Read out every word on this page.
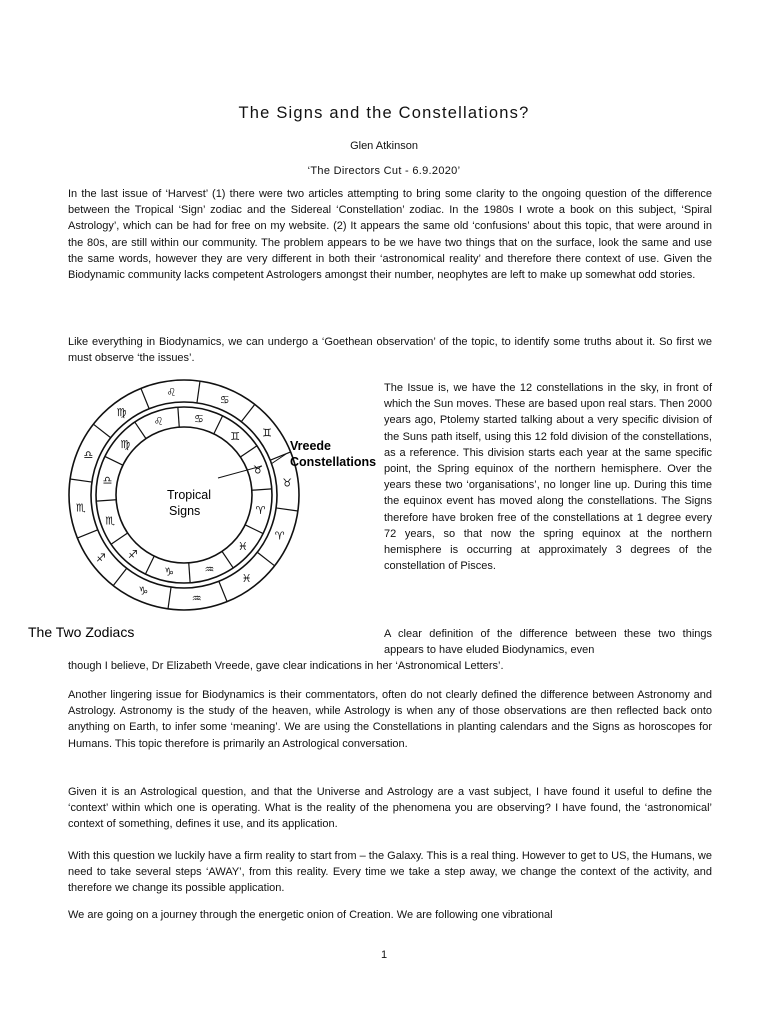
The Signs and the Constellations?
Glen Atkinson
‘The Directors Cut - 6.9.2020’

In the last issue of ‘Harvest’ (1) there were two articles attempting to bring some clarity to the ongoing question of the difference between the Tropical ‘Sign’ zodiac and the Sidereal ‘Constellation’ zodiac. In the 1980s I wrote a book on this subject, ‘Spiral Astrology’, which can be had for free on my website. (2) It appears the same old ‘confusions’ about this topic, that were around in the 80s, are still within our community. The problem appears to be we have two things that on the surface, look the same and use the same words, however they are very different in both their ‘astronomical reality’ and therefore there context of use. Given the Biodynamic community lacks competent Astrologers amongst their number, neophytes are left to make up somewhat odd stories.

Like everything in Biodynamics, we can undergo a ‘Goethean observation’ of the topic, to identify some truths about it. So first we must observe ‘the issues’.

The Issue is, we have the 12 constellations in the sky, in front of which the Sun moves. These are based upon real stars. Then 2000 years ago, Ptolemy started talking about a very specific division of the Suns path itself, using this 12 fold division of the constellations, as a reference. This division starts each year at the same specific point, the Spring equinox of the northern hemisphere. Over the years these two ‘organisations’, no longer line up. During this time the equinox event has moved along the constellations. The Signs therefore have broken free of the constellations at 1 degree every 72 years, so that now the spring equinox at the northern hemisphere is occurring at approximately 3 degrees of the constellation of Pisces.

A clear definition of the difference between these two things appears to have eluded Biodynamics, even

though I believe, Dr Elizabeth Vreede, gave clear indications in her ‘Astronomical Letters’.

Another lingering issue for Biodynamics is their commentators, often do not clearly defined the difference between Astronomy and Astrology. Astronomy is the study of the heaven, while Astrology is when any of those observations are then reflected back onto anything on Earth, to infer some ‘meaning’. We are using the Constellations in planting calendars and the Signs as horoscopes for Humans. This topic therefore is primarily an Astrological conversation.

Given it is an Astrological question, and that the Universe and Astrology are a vast subject, I have found it useful to define the ‘context’ within which one is operating. What is the reality of the phenomena you are observing? I have found, the ‘astronomical’ context of something, defines it use, and its application.

With this question we luckily have a firm reality to start from – the Galaxy. This is a real thing. However to get to US, the Humans, we need to take several steps ‘AWAY’, from this reality. Every time we take a step away, we change the context of the activity, and therefore we change its possible application.

We are going on a journey through the energetic onion of Creation. We are following one vibrational

♌
♋
♋
♊ ♊
♉
♉
♈
♈
♓
♓
♒
♒
♑
♑
♐
♐
♏
♏
♎
♎
♍
♍
♌
Vreede
Constellations
Tropical
Signs
The Two Zodiacs
1
